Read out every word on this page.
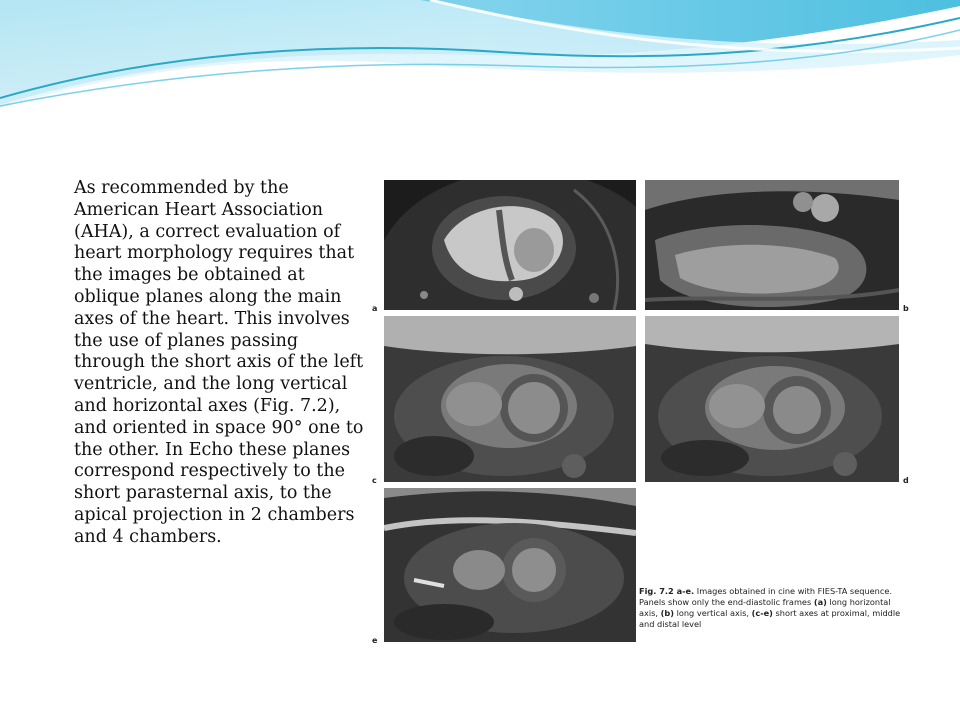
As recommended by the American Heart Association (AHA), a correct evaluation of heart morphology requires that the images be obtained at oblique planes along the main axes of the heart. This involves the use of planes passing through the short axis of the left ventricle, and the long vertical and horizontal axes (Fig. 7.2), and oriented in space 90° one to the other. In Echo these planes correspond respectively to the short parasternal axis, to the apical projection in 2 chambers and 4 chambers.

a	b
c	d
e

Fig. 7.2 a-e. Images obtained in cine with FIES-TA sequence. Panels show only the end-diastolic frames (a) long horizontal axis, (b) long vertical axis, (c-e) short axes at proximal, middle and distal level
